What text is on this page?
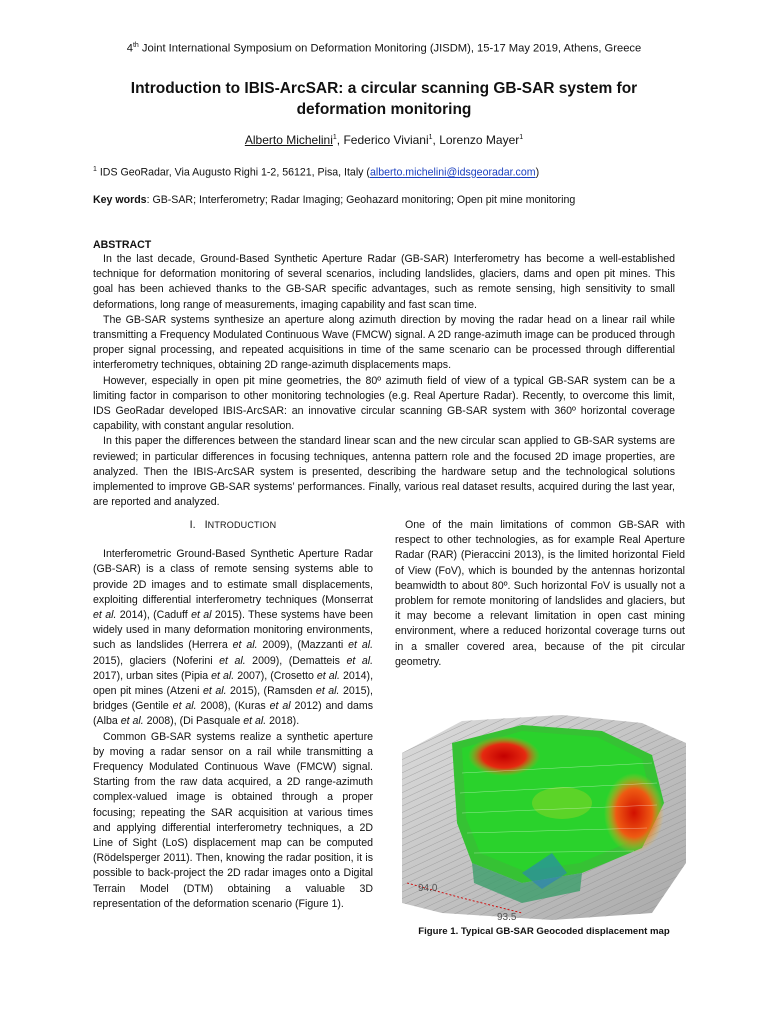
4th Joint International Symposium on Deformation Monitoring (JISDM), 15-17 May 2019, Athens, Greece
Introduction to IBIS-ArcSAR: a circular scanning GB-SAR system for deformation monitoring
Alberto Michelini$^1$, Federico Viviani$^1$, Lorenzo Mayer$^1$
$^1$ IDS GeoRadar, Via Augusto Righi 1-2, 56121, Pisa, Italy (alberto.michelini@idsgeoradar.com)
Key words: GB-SAR; Interferometry; Radar Imaging; Geohazard monitoring; Open pit mine monitoring
ABSTRACT

In the last decade, Ground-Based Synthetic Aperture Radar (GB-SAR) Interferometry has become a well-established technique for deformation monitoring of several scenarios, including landslides, glaciers, dams and open pit mines. This goal has been achieved thanks to the GB-SAR specific advantages, such as remote sensing, high sensitivity to small deformations, long range of measurements, imaging capability and fast scan time.

The GB-SAR systems synthesize an aperture along azimuth direction by moving the radar head on a linear rail while transmitting a Frequency Modulated Continuous Wave (FMCW) signal. A 2D range-azimuth image can be produced through proper signal processing, and repeated acquisitions in time of the same scenario can be processed through differential interferometry techniques, obtaining 2D range-azimuth displacements maps.

However, especially in open pit mine geometries, the 80º azimuth field of view of a typical GB-SAR system can be a limiting factor in comparison to other monitoring technologies (e.g. Real Aperture Radar). Recently, to overcome this limit, IDS GeoRadar developed IBIS-ArcSAR: an innovative circular scanning GB-SAR system with 360º horizontal coverage capability, with constant angular resolution.

In this paper the differences between the standard linear scan and the new circular scan applied to GB-SAR systems are reviewed; in particular differences in focusing techniques, antenna pattern role and the focused 2D image properties, are analyzed. Then the IBIS-ArcSAR system is presented, describing the hardware setup and the technological solutions implemented to improve GB-SAR systems’ performances. Finally, various real dataset results, acquired during the last year, are reported and analyzed.

I. INTRODUCTION

Interferometric Ground-Based Synthetic Aperture Radar (GB-SAR) is a class of remote sensing systems able to provide 2D images and to estimate small displacements, exploiting differential interferometry techniques (Monserrat et al. 2014), (Caduff et al 2015). These systems have been widely used in many deformation monitoring environments, such as landslides (Herrera et al. 2009), (Mazzanti et al. 2015), glaciers (Noferini et al. 2009), (Dematteis et al. 2017), urban sites (Pipia et al. 2007), (Crosetto et al. 2014), open pit mines (Atzeni et al. 2015), (Ramsden et al. 2015), bridges (Gentile et al. 2008), (Kuras et al 2012) and dams (Alba et al. 2008), (Di Pasquale et al. 2018).

Common GB-SAR systems realize a synthetic aperture by moving a radar sensor on a rail while transmitting a Frequency Modulated Continuous Wave (FMCW) signal. Starting from the raw data acquired, a 2D range-azimuth complex-valued image is obtained through a proper focusing; repeating the SAR acquisition at various times and applying differential interferometry techniques, a 2D Line of Sight (LoS) displacement map can be computed (Rödelsperger 2011). Then, knowing the radar position, it is possible to back-project the 2D radar images onto a Digital Terrain Model (DTM) obtaining a valuable 3D representation of the deformation scenario (Figure 1).

One of the main limitations of common GB-SAR with respect to other technologies, as for example Real Aperture Radar (RAR) (Pieraccini 2013), is the limited horizontal Field of View (FoV), which is bounded by the antennas horizontal beamwidth to about 80º. Such horizontal FoV is usually not a problem for remote monitoring of landslides and glaciers, but it may become a relevant limitation in open cast mining environment, where a reduced horizontal coverage turns out in a smaller covered area, because of the pit circular geometry.

94.0
93.5
Figure 1. Typical GB-SAR Geocoded displacement map
